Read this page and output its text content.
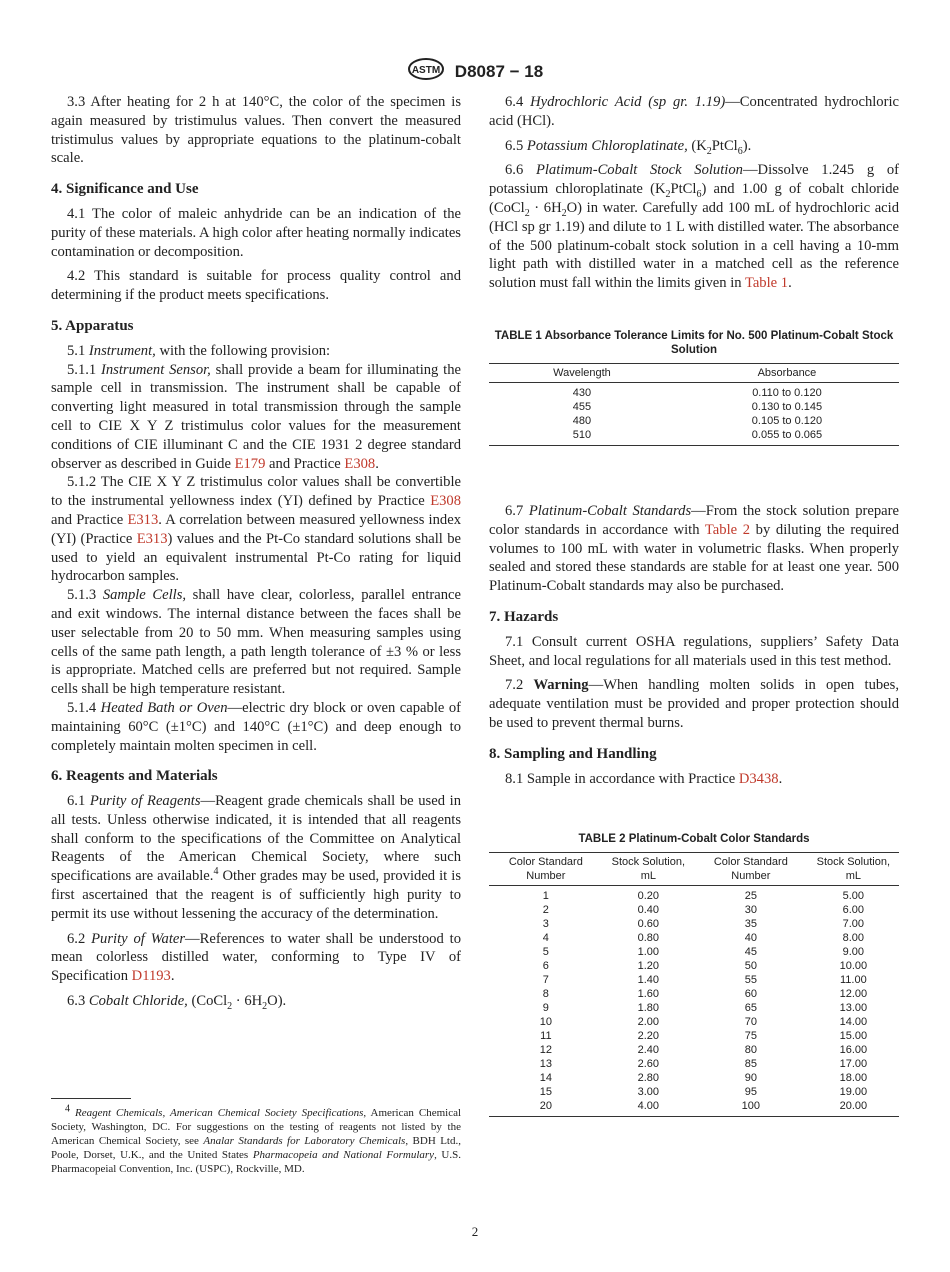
ASTM D8087 − 18

3.3 After heating for 2 h at 140°C, the color of the specimen is again measured by tristimulus values. Then convert the measured tristimulus values by appropriate equations to the platinum-cobalt scale.

4. Significance and Use

4.1 The color of maleic anhydride can be an indication of the purity of these materials. A high color after heating normally indicates contamination or decomposition.

4.2 This standard is suitable for process quality control and determining if the product meets specifications.

5. Apparatus

5.1 Instrument, with the following provision:

5.1.1 Instrument Sensor, shall provide a beam for illuminating the sample cell in transmission. The instrument shall be capable of converting light measured in total transmission through the sample cell to CIE X Y Z tristimulus color values for the measurement conditions of CIE illuminant C and the CIE 1931 2 degree standard observer as described in Guide E179 and Practice E308.

5.1.2 The CIE X Y Z tristimulus color values shall be convertible to the instrumental yellowness index (YI) defined by Practice E308 and Practice E313. A correlation between measured yellowness index (YI) (Practice E313) values and the Pt-Co standard solutions shall be used to yield an equivalent instrumental Pt-Co rating for liquid hydrocarbon samples.

5.1.3 Sample Cells, shall have clear, colorless, parallel entrance and exit windows. The internal distance between the faces shall be user selectable from 20 to 50 mm. When measuring samples using cells of the same path length, a path length tolerance of ±3 % or less is appropriate. Matched cells are preferred but not required. Sample cells shall be high temperature resistant.

5.1.4 Heated Bath or Oven—electric dry block or oven capable of maintaining 60°C (±1°C) and 140°C (±1°C) and deep enough to completely maintain molten specimen in cell.

6. Reagents and Materials

6.1 Purity of Reagents—Reagent grade chemicals shall be used in all tests. Unless otherwise indicated, it is intended that all reagents shall conform to the specifications of the Committee on Analytical Reagents of the American Chemical Society, where such specifications are available.$^4$ Other grades may be used, provided it is first ascertained that the reagent is of sufficiently high purity to permit its use without lessening the accuracy of the determination.

6.2 Purity of Water—References to water shall be understood to mean colorless distilled water, conforming to Type IV of Specification D1193.

6.3 Cobalt Chloride, (CoCl$_2$ · $6H_2O$).

$^4$ Reagent Chemicals, American Chemical Society Specifications, American Chemical Society, Washington, DC. For suggestions on the testing of reagents not listed by the American Chemical Society, see Analar Standards for Laboratory Chemicals, BDH Ltd., Poole, Dorset, U.K., and the United States Pharmacopeia and National Formulary, U.S. Pharmacopeial Convention, Inc. (USPC), Rockville, MD.

6.4 Hydrochloric Acid (sp gr. 1.19)—Concentrated hydrochloric acid (HCl).

6.5 Potassium Chloroplatinate, $(K_2PtCl_6)$.

6.6 Platimum-Cobalt Stock Solution—Dissolve 1.245 g of potassium chloroplatinate $(K_2PtCl_6)$ and 1.00 g of cobalt chloride (CoCl$_2$ · $6H_2O$) in water. Carefully add 100 mL of hydrochloric acid (HCl sp gr 1.19) and dilute to 1 L with distilled water. The absorbance of the 500 platinum-cobalt stock solution in a cell having a 10-mm light path with distilled water in a matched cell as the reference solution must fall within the limits given in Table 1.

TABLE 1 Absorbance Tolerance Limits for No. 500 Platinum-Cobalt Stock Solution
Wavelength	Absorbance
430	0.110 to 0.120
455	0.130 to 0.145
480	0.105 to 0.120
510	0.055 to 0.065

6.7 Platinum-Cobalt Standards—From the stock solution prepare color standards in accordance with Table 2 by diluting the required volumes to 100 mL with water in volumetric flasks. When properly sealed and stored these standards are stable for at least one year. 500 Platinum-Cobalt standards may also be purchased.

7. Hazards

7.1 Consult current OSHA regulations, suppliers’ Safety Data Sheet, and local regulations for all materials used in this test method.

7.2 Warning—When handling molten solids in open tubes, adequate ventilation must be provided and proper protection should be used to prevent thermal burns.

8. Sampling and Handling

8.1 Sample in accordance with Practice D3438.

TABLE 2 Platinum-Cobalt Color Standards
Color Standard Number	Stock Solution, mL	Color Standard Number	Stock Solution, mL
1	0.20	25	5.00
2	0.40	30	6.00
3	0.60	35	7.00
4	0.80	40	8.00
5	1.00	45	9.00
6	1.20	50	10.00
7	1.40	55	11.00
8	1.60	60	12.00
9	1.80	65	13.00
10	2.00	70	14.00
11	2.20	75	15.00
12	2.40	80	16.00
13	2.60	85	17.00
14	2.80	90	18.00
15	3.00	95	19.00
20	4.00	100	20.00
2
